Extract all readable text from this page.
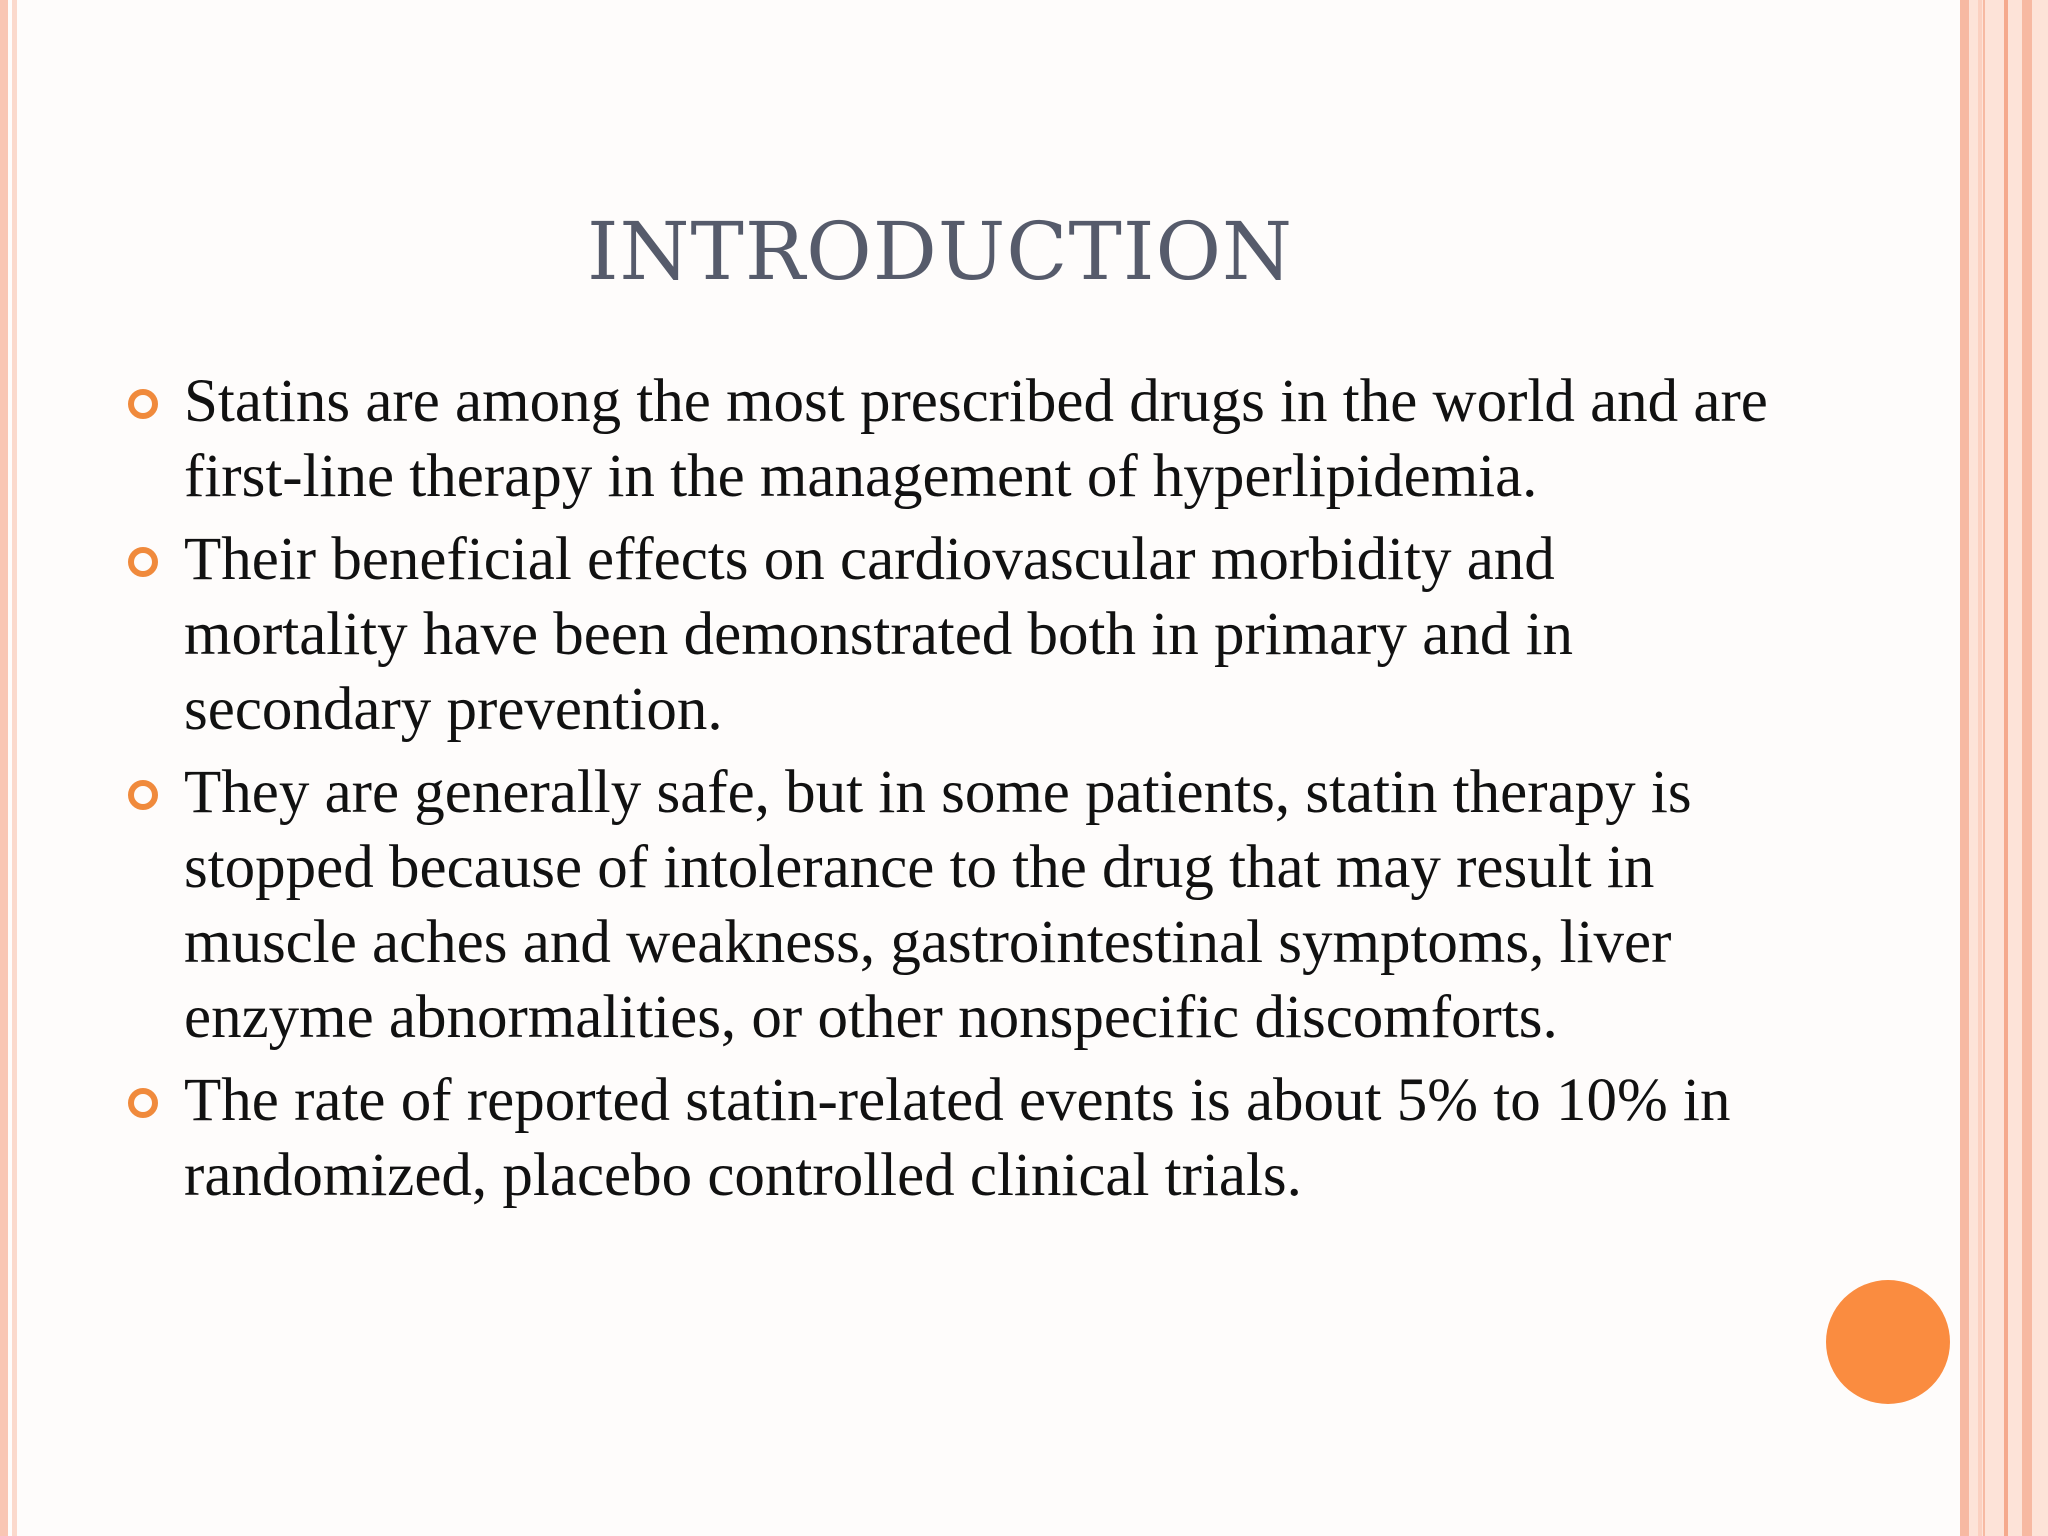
INTRODUCTION
Statins are among the most prescribed drugs in the world and are first-line therapy in the management of hyperlipidemia.
Their beneficial effects on cardiovascular morbidity and mortality have been demonstrated both in primary and in secondary prevention.
They are generally safe, but in some patients, statin therapy is stopped because of intolerance to the drug that may result in muscle aches and weakness, gastrointestinal symptoms, liver enzyme abnormalities, or other nonspecific discomforts.
The rate of reported statin-related events is about 5% to 10% in randomized, placebo controlled clinical trials.
